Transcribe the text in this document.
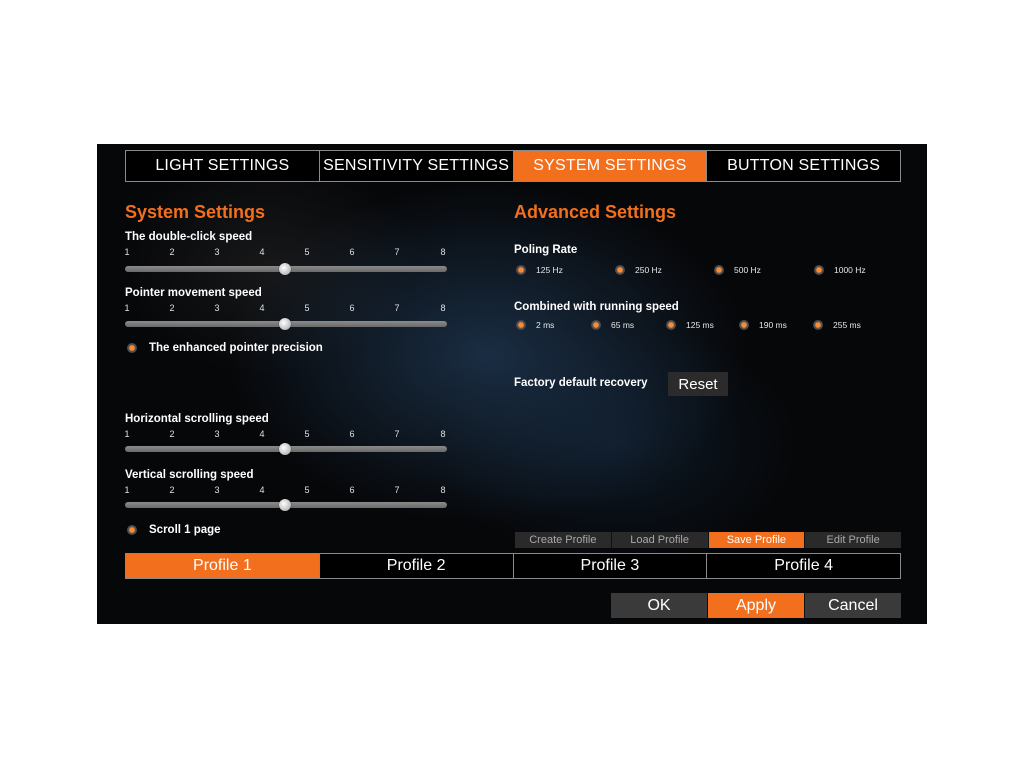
LIGHT SETTINGS	SENSITIVITY SETTINGS	SYSTEM SETTINGS	BUTTON SETTINGS
System Settings
The double-click speed
1	2	3	4	5	6	7	8
Pointer movement speed
1	2	3	4	5	6	7	8
The enhanced pointer precision
Horizontal scrolling speed
1	2	3	4	5	6	7	8
Vertical scrolling speed
1	2	3	4	5	6	7	8
Scroll 1 page
Advanced Settings
Poling Rate
125 Hz	250 Hz	500 Hz	1000 Hz
Combined with running speed
2 ms	65 ms	125 ms	190 ms	255 ms
Factory default recovery	Reset
Create Profile	Load Profile	Save Profile	Edit Profile
Profile 1	Profile 2	Profile 3	Profile 4
OK	Apply	Cancel
